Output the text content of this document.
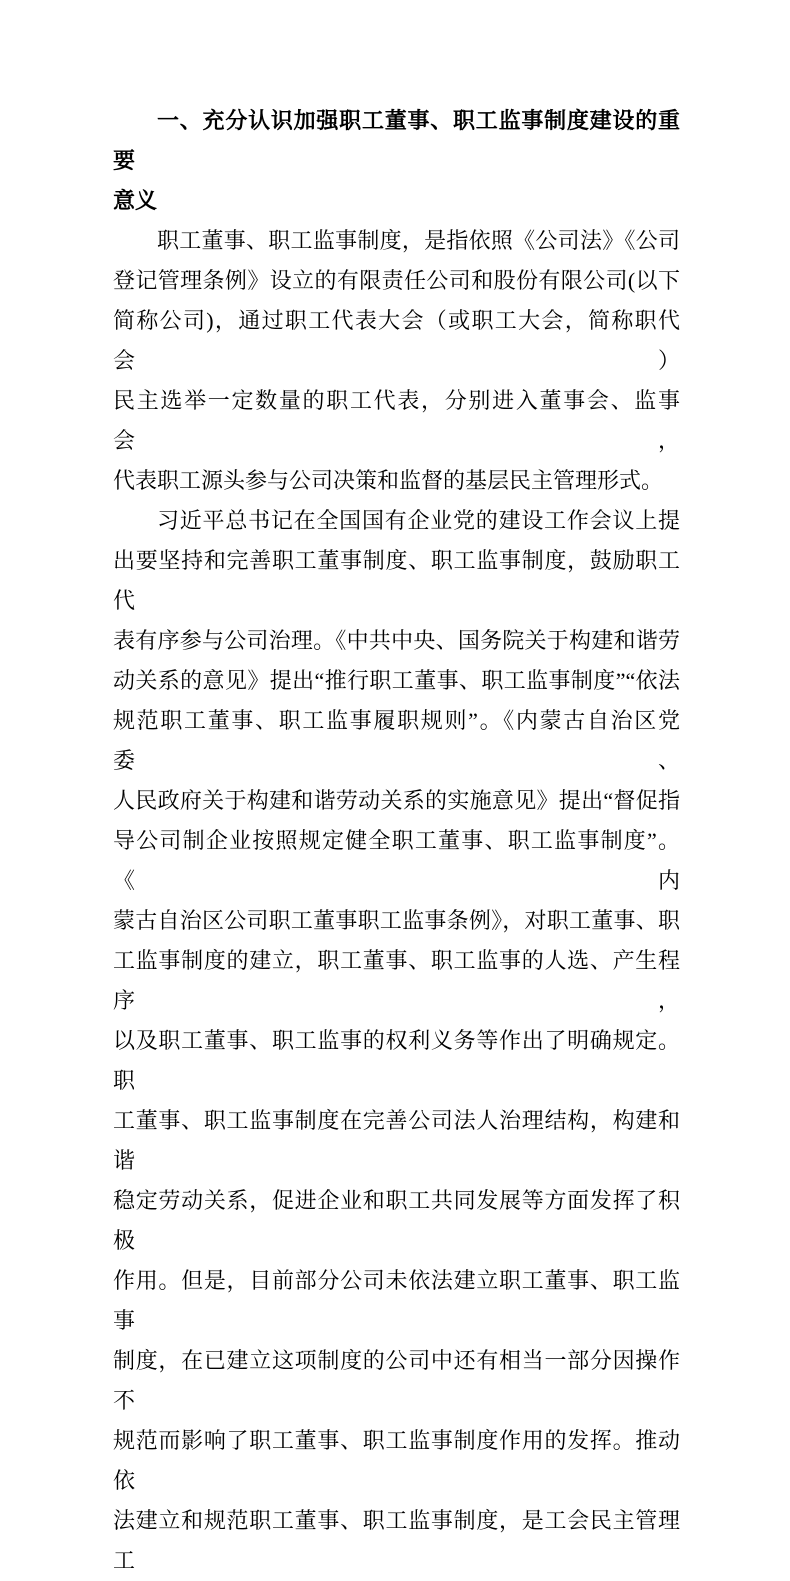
一、充分认识加强职工董事、职工监事制度建设的重要
意义
职工董事、职工监事制度，是指依照《公司法》《公司
登记管理条例》设立的有限责任公司和股份有限公司(以下
简称公司)，通过职工代表大会（或职工大会，简称职代会）
民主选举一定数量的职工代表，分别进入董事会、监事会，
代表职工源头参与公司决策和监督的基层民主管理形式。
习近平总书记在全国国有企业党的建设工作会议上提
出要坚持和完善职工董事制度、职工监事制度，鼓励职工代
表有序参与公司治理。《中共中央、国务院关于构建和谐劳
动关系的意见》提出“推行职工董事、职工监事制度”“依法
规范职工董事、职工监事履职规则”。《内蒙古自治区党委、
人民政府关于构建和谐劳动关系的实施意见》提出“督促指
导公司制企业按照规定健全职工董事、职工监事制度”。《内
蒙古自治区公司职工董事职工监事条例》，对职工董事、职
工监事制度的建立，职工董事、职工监事的人选、产生程序，
以及职工董事、职工监事的权利义务等作出了明确规定。职
工董事、职工监事制度在完善公司法人治理结构，构建和谐
稳定劳动关系，促进企业和职工共同发展等方面发挥了积极
作用。但是，目前部分公司未依法建立职工董事、职工监事
制度，在已建立这项制度的公司中还有相当一部分因操作不
规范而影响了职工董事、职工监事制度作用的发挥。推动依
法建立和规范职工董事、职工监事制度，是工会民主管理工
